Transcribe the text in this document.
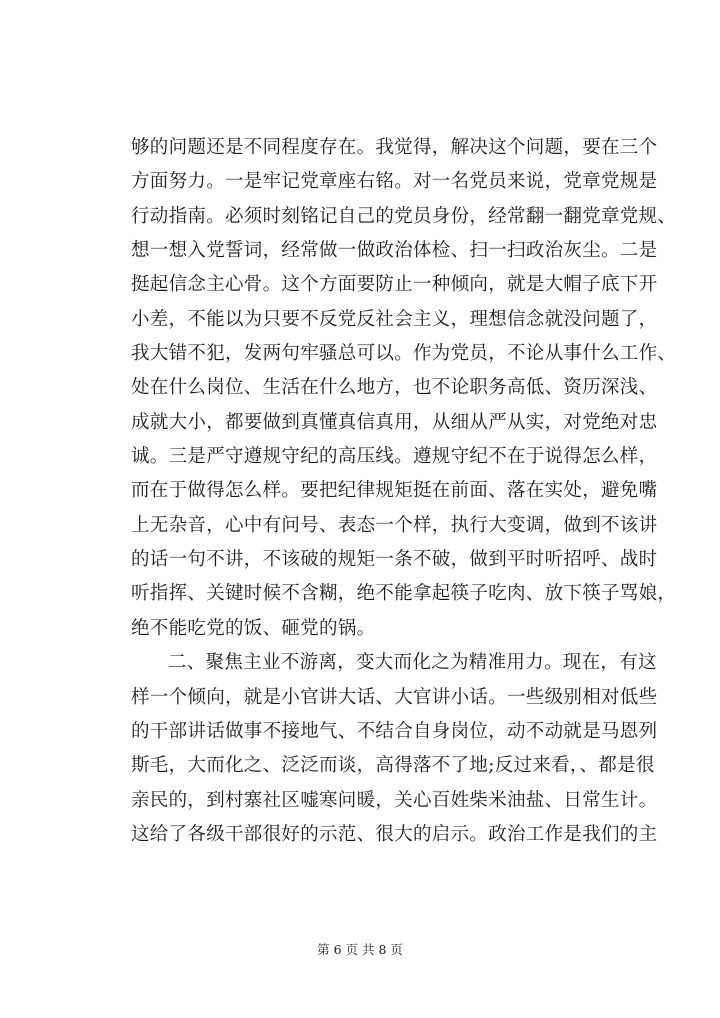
够的问题还是不同程度存在。我觉得，解决这个问题，要在三个
方面努力。一是牢记党章座右铭。对一名党员来说，党章党规是
行动指南。必须时刻铭记自己的党员身份，经常翻一翻党章党规、
想一想入党誓词，经常做一做政治体检、扫一扫政治灰尘。二是
挺起信念主心骨。这个方面要防止一种倾向，就是大帽子底下开
小差，不能以为只要不反党反社会主义，理想信念就没问题了，
我大错不犯，发两句牢骚总可以。作为党员，不论从事什么工作、
处在什么岗位、生活在什么地方，也不论职务高低、资历深浅、
成就大小，都要做到真懂真信真用，从细从严从实，对党绝对忠
诚。三是严守遵规守纪的高压线。遵规守纪不在于说得怎么样，
而在于做得怎么样。要把纪律规矩挺在前面、落在实处，避免嘴
上无杂音，心中有问号、表态一个样，执行大变调，做到不该讲
的话一句不讲，不该破的规矩一条不破，做到平时听招呼、战时
听指挥、关键时候不含糊，绝不能拿起筷子吃肉、放下筷子骂娘，
绝不能吃党的饭、砸党的锅。
二、聚焦主业不游离，变大而化之为精准用力。现在，有这
样一个倾向，就是小官讲大话、大官讲小话。一些级别相对低些
的干部讲话做事不接地气、不结合自身岗位，动不动就是马恩列
斯毛，大而化之、泛泛而谈，高得落不了地;反过来看，、都是很
亲民的，到村寨社区嘘寒问暖，关心百姓柴米油盐、日常生计。
这给了各级干部很好的示范、很大的启示。政治工作是我们的主
第 6 页 共 8 页
